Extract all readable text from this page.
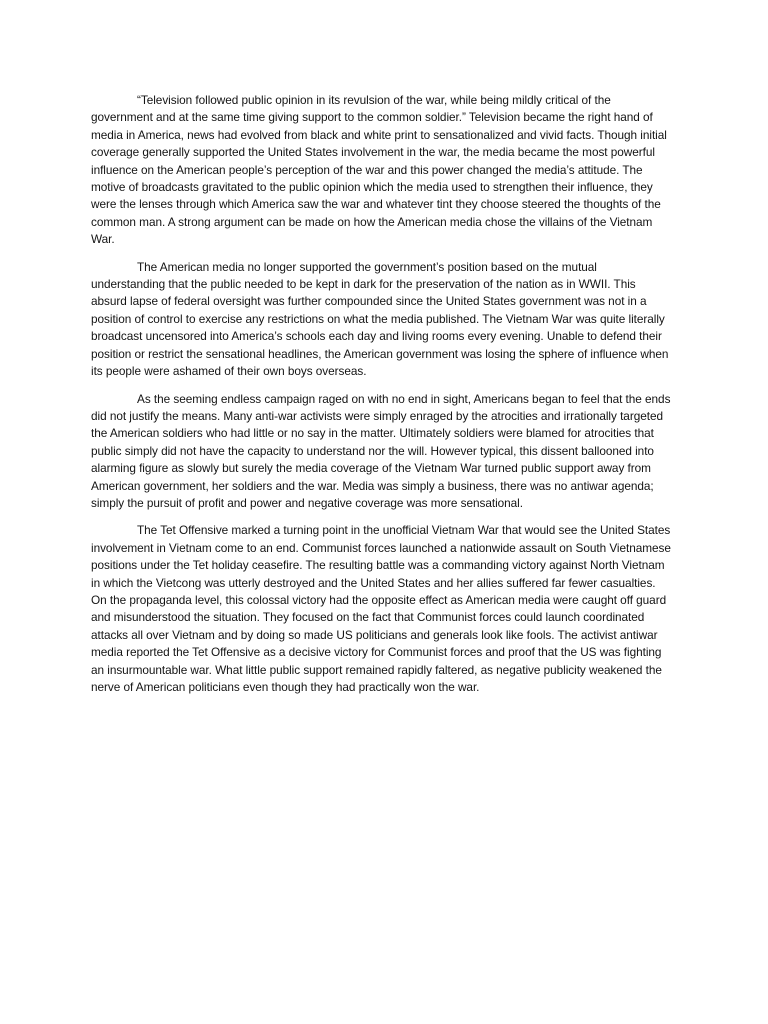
“Television followed public opinion in its revulsion of the war, while being mildly critical of the government and at the same time giving support to the common soldier.” Television became the right hand of media in America, news had evolved from black and white print to sensationalized and vivid facts. Though initial coverage generally supported the United States involvement in the war, the media became the most powerful influence on the American people’s perception of the war and this power changed the media’s attitude. The motive of broadcasts gravitated to the public opinion which the media used to strengthen their influence, they were the lenses through which America saw the war and whatever tint they choose steered the thoughts of the common man. A strong argument can be made on how the American media chose the villains of the Vietnam War.

The American media no longer supported the government’s position based on the mutual understanding that the public needed to be kept in dark for the preservation of the nation as in WWII. This absurd lapse of federal oversight was further compounded since the United States government was not in a position of control to exercise any restrictions on what the media published. The Vietnam War was quite literally broadcast uncensored into America’s schools each day and living rooms every evening. Unable to defend their position or restrict the sensational headlines, the American government was losing the sphere of influence when its people were ashamed of their own boys overseas.

As the seeming endless campaign raged on with no end in sight, Americans began to feel that the ends did not justify the means. Many anti-war activists were simply enraged by the atrocities and irrationally targeted the American soldiers who had little or no say in the matter. Ultimately soldiers were blamed for atrocities that public simply did not have the capacity to understand nor the will. However typical, this dissent ballooned into alarming figure as slowly but surely the media coverage of the Vietnam War turned public support away from American government, her soldiers and the war. Media was simply a business, there was no antiwar agenda; simply the pursuit of profit and power and negative coverage was more sensational.

The Tet Offensive marked a turning point in the unofficial Vietnam War that would see the United States involvement in Vietnam come to an end. Communist forces launched a nationwide assault on South Vietnamese positions under the Tet holiday ceasefire. The resulting battle was a commanding victory against North Vietnam in which the Vietcong was utterly destroyed and the United States and her allies suffered far fewer casualties. On the propaganda level, this colossal victory had the opposite effect as American media were caught off guard and misunderstood the situation. They focused on the fact that Communist forces could launch coordinated attacks all over Vietnam and by doing so made US politicians and generals look like fools. The activist antiwar media reported the Tet Offensive as a decisive victory for Communist forces and proof that the US was fighting an insurmountable war. What little public support remained rapidly faltered, as negative publicity weakened the nerve of American politicians even though they had practically won the war.
